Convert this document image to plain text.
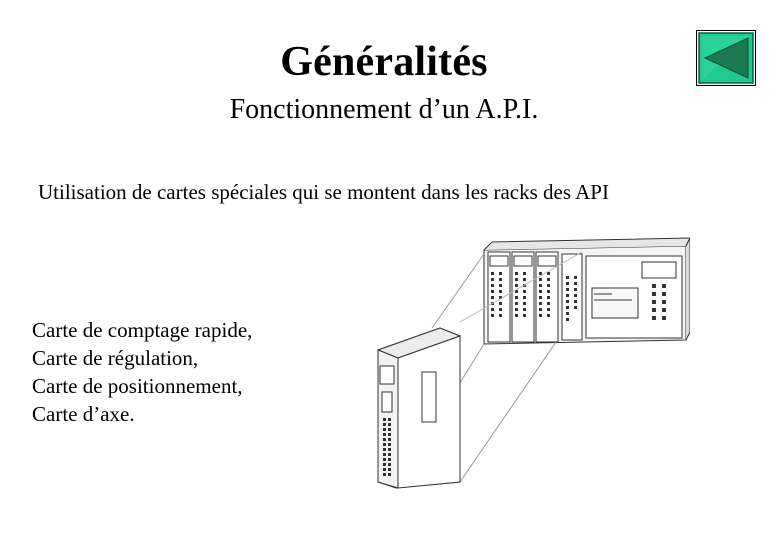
Généralités
Fonctionnement d’un A.P.I.
Utilisation de cartes spéciales qui se montent dans les racks des API
Carte de comptage rapide,
Carte de régulation,
Carte de positionnement,
Carte d’axe.
